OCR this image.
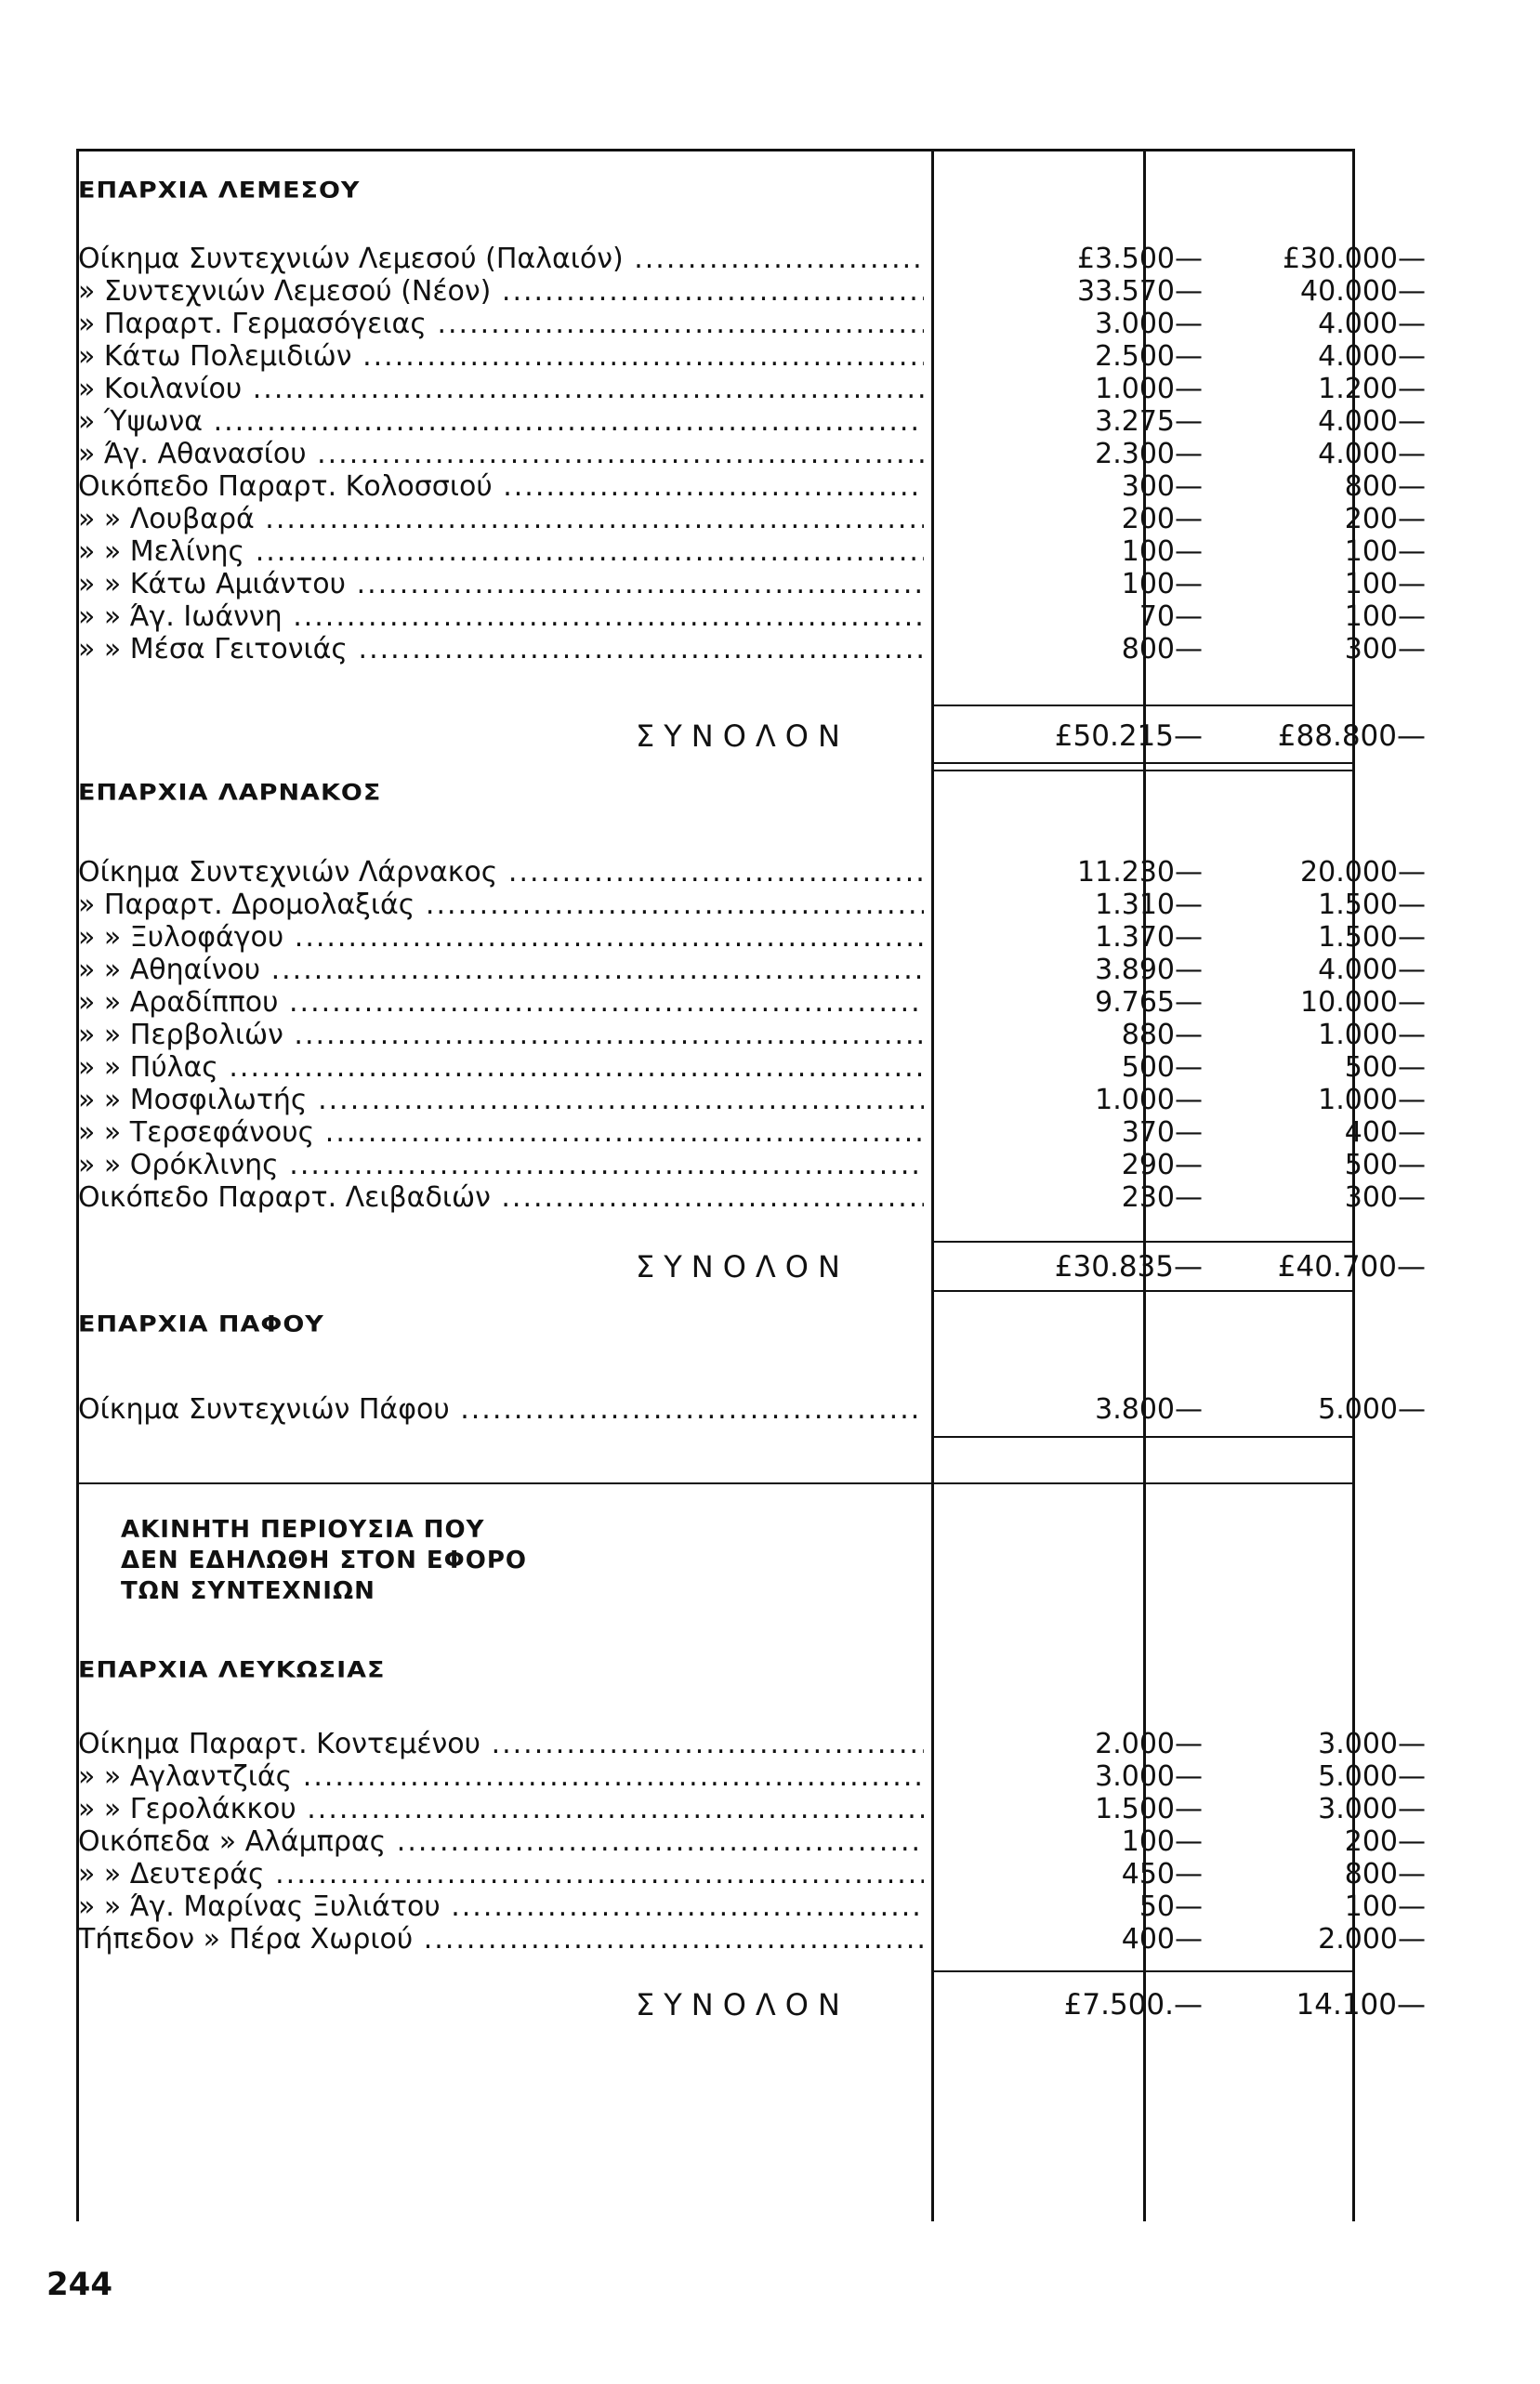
ΕΠΑΡΧΙΑ ΛΕΜΕΣΟΥ
Οίκημα Συντεχνιών Λεμεσού (Παλαιόν) .....	£3.500—	£30.000—
» Συντεχνιών Λεμεσού (Νέον) .....	33.570—	40.000—
» Παραρτ. Γερμασόγειας .....	3.000—	4.000—
» Κάτω Πολεμιδιών .....	2.500—	4.000—
» Κοιλανίου .....	1.000—	1.200—
» Ύψωνα .....	3.275—	4.000—
» Άγ. Αθανασίου .....	2.300—	4.000—
Οικόπεδο Παραρτ. Κολοσσιού .....	300—	800—
» » Λουβαρά .....	200—	200—
» » Μελίνης .....	100—	100—
» » Κάτω Αμιάντου .....	100—	100—
» » Άγ. Ιωάννη .....	70—	100—
» » Μέσα Γειτονιάς .....	800—	300—
ΣΥΝΟΛΟΝ	£50.215—	£88.800—
ΕΠΑΡΧΙΑ ΛΑΡΝΑΚΟΣ
Οίκημα Συντεχνιών Λάρνακος .....	11.230—	20.000—
» Παραρτ. Δρομολαξιάς .....	1.310—	1.500—
» » Ξυλοφάγου .....	1.370—	1.500—
» » Αθηαίνου .....	3.890—	4.000—
» » Αραδίππου .....	9.765—	10.000—
» » Περβολιών .....	880—	1.000—
» » Πύλας .....	500—	500—
» » Μοσφιλωτής .....	1.000—	1.000—
» » Τερσεφάνους .....	370—	400—
» » Ορόκλινης .....	290—	500—
Οικόπεδο Παραρτ. Λειβαδιών .....	230—	300—
ΣΥΝΟΛΟΝ	£30.835—	£40.700—
ΕΠΑΡΧΙΑ ΠΑΦΟΥ
Οίκημα Συντεχνιών Πάφου .....	3.800—	5.000—
ΑΚΙΝΗΤΗ ΠΕΡΙΟΥΣΙΑ ΠΟΥ
ΔΕΝ ΕΔΗΛΩΘΗ ΣΤΟΝ ΕΦΟΡΟ
ΤΩΝ ΣΥΝΤΕΧΝΙΩΝ
ΕΠΑΡΧΙΑ ΛΕΥΚΩΣΙΑΣ
Οίκημα Παραρτ. Κοντεμένου .....	2.000—	3.000—
» » Αγλαντζιάς .....	3.000—	5.000—
» » Γερολάκκου .....	1.500—	3.000—
Οικόπεδα » Αλάμπρας .....	100—	200—
» » Δευτεράς .....	450—	800—
» » Άγ. Μαρίνας Ξυλιάτου .....	50—	100—
Τήπεδον » Πέρα Χωριού .....	400—	2.000—
ΣΥΝΟΛΟΝ	£7.500.—	14.100—
244
